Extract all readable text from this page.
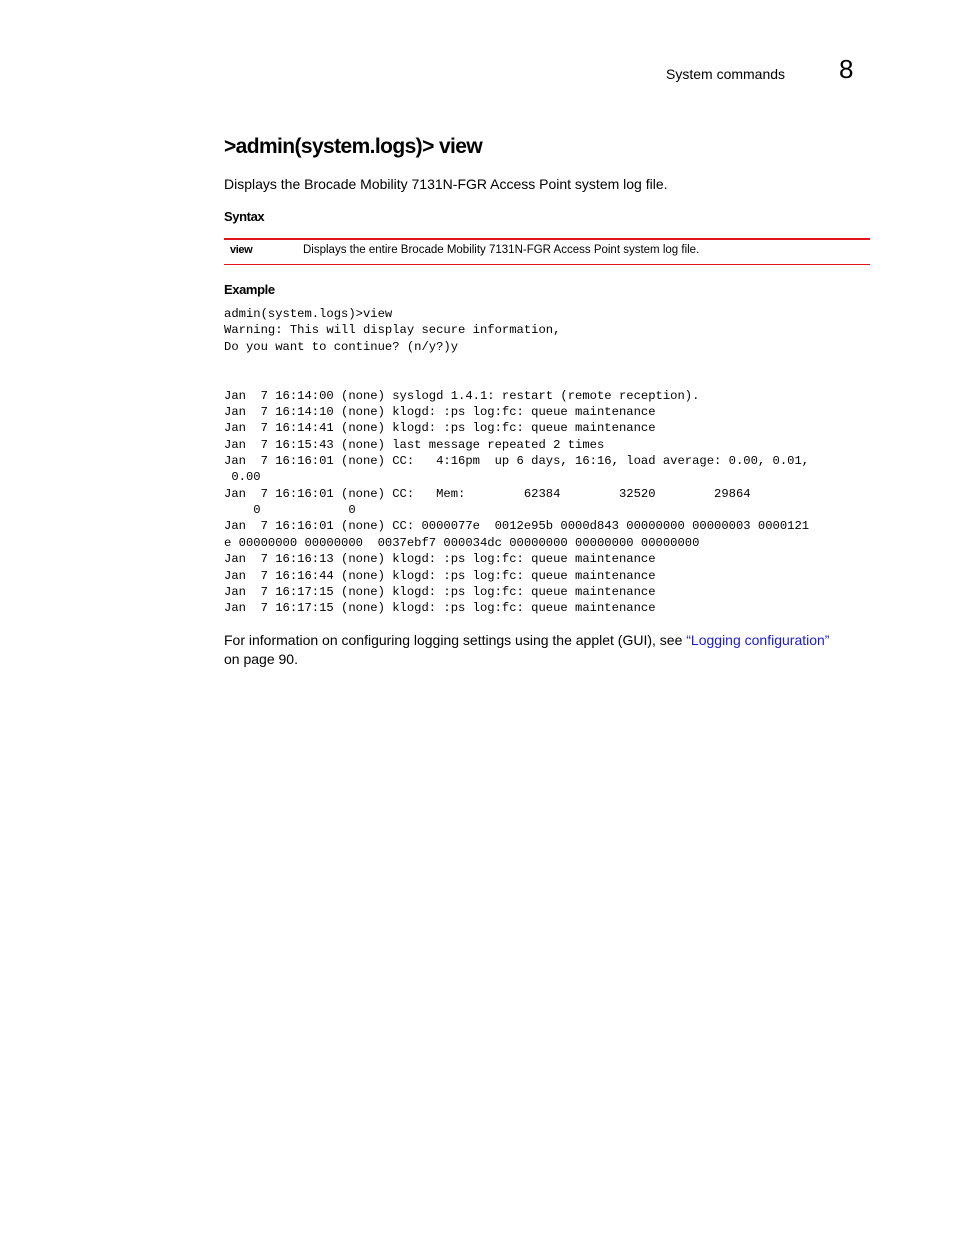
System commands 8
>admin(system.logs)> view

Displays the Brocade Mobility 7131N-FGR Access Point system log file.

Syntax
view	Displays the entire Brocade Mobility 7131N-FGR Access Point system log file.
Example
admin(system.logs)>view
Warning: This will display secure information,
Do you want to continue? (n/y?)y

Jan  7 16:14:00 (none) syslogd 1.4.1: restart (remote reception).
Jan  7 16:14:10 (none) klogd: :ps log:fc: queue maintenance
Jan  7 16:14:41 (none) klogd: :ps log:fc: queue maintenance
Jan  7 16:15:43 (none) last message repeated 2 times
Jan  7 16:16:01 (none) CC:   4:16pm  up 6 days, 16:16, load average: 0.00, 0.01,
0.00
Jan  7 16:16:01 (none) CC:   Mem:        62384        32520        29864
0            0
Jan  7 16:16:01 (none) CC: 0000077e  0012e95b 0000d843 00000000 00000003 0000121
e 00000000 00000000  0037ebf7 000034dc 00000000 00000000 00000000
Jan  7 16:16:13 (none) klogd: :ps log:fc: queue maintenance
Jan  7 16:16:44 (none) klogd: :ps log:fc: queue maintenance
Jan  7 16:17:15 (none) klogd: :ps log:fc: queue maintenance
Jan  7 16:17:15 (none) klogd: :ps log:fc: queue maintenance

For information on configuring logging settings using the applet (GUI), see “Logging configuration”
on page 90.
